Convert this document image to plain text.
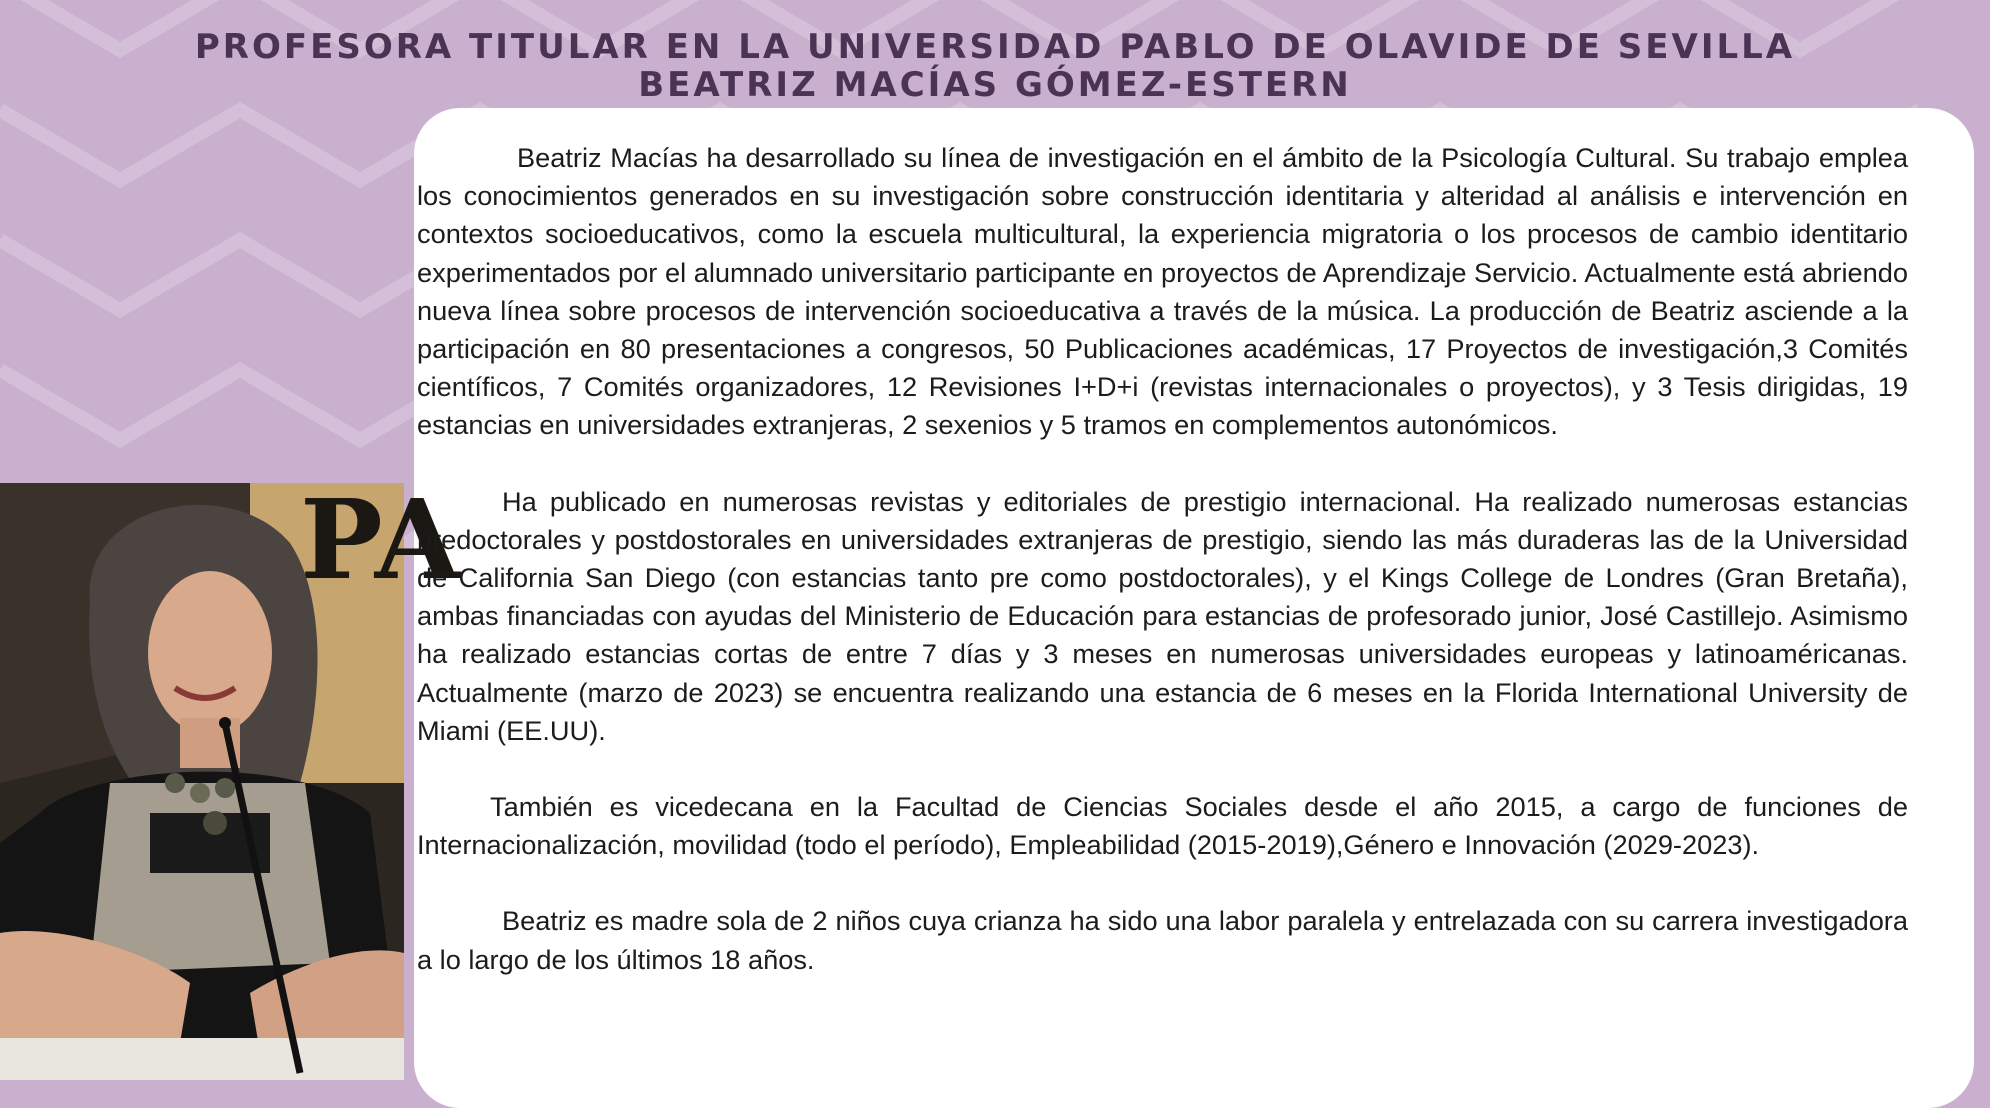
PROFESORA TITULAR EN LA UNIVERSIDAD PABLO DE OLAVIDE DE SEVILLA
BEATRIZ MACÍAS GÓMEZ-ESTERN
PA

Beatriz Macías ha desarrollado su línea de investigación en el ámbito de la Psicología Cultural. Su trabajo emplea los conocimientos generados en su investigación sobre construcción identitaria y alteridad al análisis e intervención en contextos socioeducativos, como la escuela multicultural, la experiencia migratoria o los procesos de cambio identitario experimentados por el alumnado universitario participante en proyectos de Aprendizaje Servicio. Actualmente está abriendo nueva línea sobre procesos de intervención socioeducativa a través de la música. La producción de Beatriz asciende a la participación en 80 presentaciones a congresos, 50 Publicaciones académicas, 17 Proyectos de investigación,3 Comités científicos, 7 Comités organizadores, 12 Revisiones I+D+i (revistas internacionales o proyectos), y 3 Tesis dirigidas, 19 estancias en universidades extranjeras, 2 sexenios y 5 tramos en complementos autonómicos.

Ha publicado en numerosas revistas y editoriales de prestigio internacional. Ha realizado numerosas estancias predoctorales y postdostorales en universidades extranjeras de prestigio, siendo las más duraderas las de la Universidad de California San Diego (con estancias tanto pre como postdoctorales), y el Kings College de Londres (Gran Bretaña), ambas financiadas con ayudas del Ministerio de Educación para estancias de profesorado junior, José Castillejo. Asimismo ha realizado estancias cortas de entre 7 días y 3 meses en numerosas universidades europeas y latinoaméricanas. Actualmente (marzo de 2023) se encuentra realizando una estancia de 6 meses en la Florida International University de Miami (EE.UU).

También es vicedecana en la Facultad de Ciencias Sociales desde el año 2015, a cargo de funciones de Internacionalización, movilidad (todo el período), Empleabilidad (2015-2019),Género e Innovación (2029-2023).

Beatriz es madre sola de 2 niños cuya crianza ha sido una labor paralela y entrelazada con su carrera investigadora a lo largo de los últimos 18 años.
